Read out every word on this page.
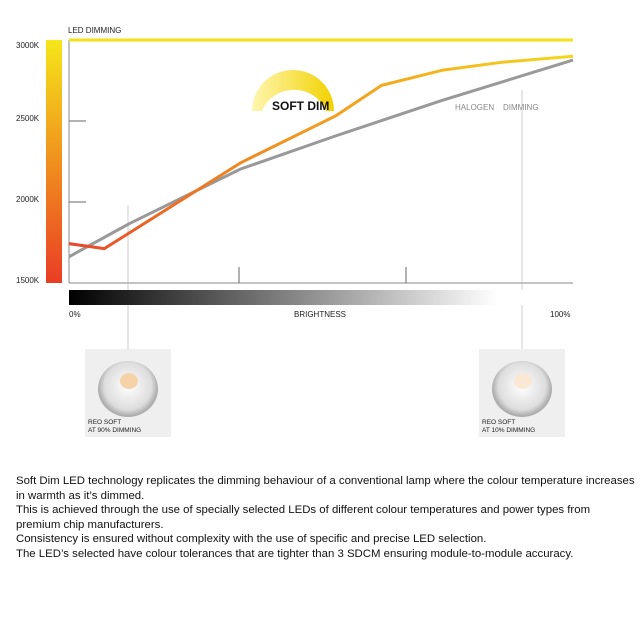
LED DIMMING
3000K
2500K
2000K
1500K
SOFT DIM	HALOGEN DIMMING
0%	BRIGHTNESS	100%
REO SOFT
AT 90% DIMMING
REO SOFT
AT 10% DIMMING

Soft Dim LED technology replicates the dimming behaviour of a conventional lamp where the colour temperature increases in warmth as it’s dimmed.

This is achieved through the use of specially selected LEDs of different colour temperatures and power types from premium chip manufacturers.

Consistency is ensured without complexity with the use of specific and precise LED selection.

The LED’s selected have colour tolerances that are tighter than 3 SDCM ensuring module-to-module accuracy.
